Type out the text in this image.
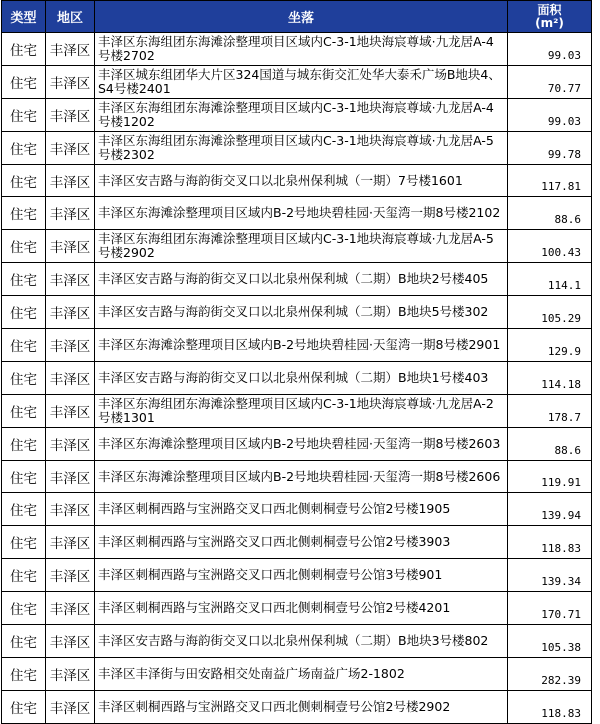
类型	地区	坐落	面积
(m²)

住宅	丰泽区	丰泽区东海组团东海滩涂整理项目区域内C-3-1地块海宸尊域·九龙居A-4号楼2702	99.03
住宅	丰泽区	丰泽区城东组团华大片区324国道与城东街交汇处华大泰禾广场B地块4、S4号楼2401	70.77
住宅	丰泽区	丰泽区东海组团东海滩涂整理项目区域内C-3-1地块海宸尊域·九龙居A-4号楼1202	99.03
住宅	丰泽区	丰泽区东海组团东海滩涂整理项目区域内C-3-1地块海宸尊域·九龙居A-5号楼2302	99.78
住宅	丰泽区	丰泽区安吉路与海韵街交叉口以北泉州保利城（一期）7号楼1601	117.81
住宅	丰泽区	丰泽区东海滩涂整理项目区域内B-2号地块碧桂园·天玺湾一期8号楼2102	88.6
住宅	丰泽区	丰泽区东海组团东海滩涂整理项目区域内C-3-1地块海宸尊域·九龙居A-5号楼2902	100.43
住宅	丰泽区	丰泽区安吉路与海韵街交叉口以北泉州保利城（二期）B地块2号楼405	114.1
住宅	丰泽区	丰泽区安吉路与海韵街交叉口以北泉州保利城（二期）B地块5号楼302	105.29
住宅	丰泽区	丰泽区东海滩涂整理项目区域内B-2号地块碧桂园·天玺湾一期8号楼2901	129.9
住宅	丰泽区	丰泽区安吉路与海韵街交叉口以北泉州保利城（二期）B地块1号楼403	114.18
住宅	丰泽区	丰泽区东海组团东海滩涂整理项目区域内C-3-1地块海宸尊域·九龙居A-2号楼1301	178.7
住宅	丰泽区	丰泽区东海滩涂整理项目区域内B-2号地块碧桂园·天玺湾一期8号楼2603	88.6
住宅	丰泽区	丰泽区东海滩涂整理项目区域内B-2号地块碧桂园·天玺湾一期8号楼2606	119.91
住宅	丰泽区	丰泽区刺桐西路与宝洲路交叉口西北侧刺桐壹号公馆2号楼1905	139.94
住宅	丰泽区	丰泽区刺桐西路与宝洲路交叉口西北侧刺桐壹号公馆2号楼3903	118.83
住宅	丰泽区	丰泽区刺桐西路与宝洲路交叉口西北侧刺桐壹号公馆3号楼901	139.34
住宅	丰泽区	丰泽区刺桐西路与宝洲路交叉口西北侧刺桐壹号公馆2号楼4201	170.71
住宅	丰泽区	丰泽区安吉路与海韵街交叉口以北泉州保利城（二期）B地块3号楼802	105.38
住宅	丰泽区	丰泽区丰泽街与田安路相交处南益广场南益广场2-1802	282.39
住宅	丰泽区	丰泽区刺桐西路与宝洲路交叉口西北侧刺桐壹号公馆2号楼2902	118.83
